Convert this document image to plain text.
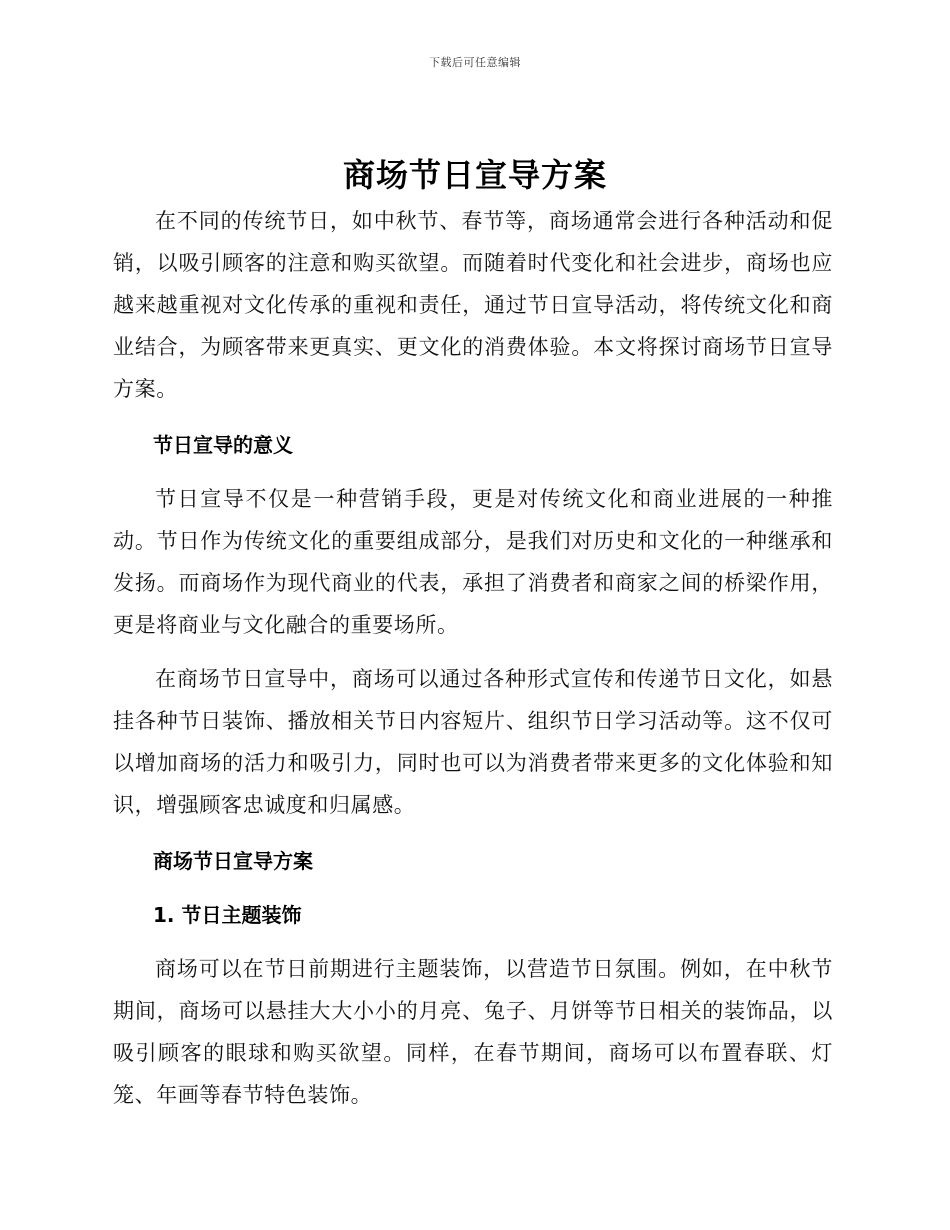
下载后可任意编辑
商场节日宣导方案

在不同的传统节日，如中秋节、春节等，商场通常会进行各种活动和促销，以吸引顾客的注意和购买欲望。而随着时代变化和社会进步，商场也应越来越重视对文化传承的重视和责任，通过节日宣导活动，将传统文化和商业结合，为顾客带来更真实、更文化的消费体验。本文将探讨商场节日宣导方案。

节日宣导的意义

节日宣导不仅是一种营销手段，更是对传统文化和商业进展的一种推动。节日作为传统文化的重要组成部分，是我们对历史和文化的一种继承和发扬。而商场作为现代商业的代表，承担了消费者和商家之间的桥梁作用，更是将商业与文化融合的重要场所。

在商场节日宣导中，商场可以通过各种形式宣传和传递节日文化，如悬挂各种节日装饰、播放相关节日内容短片、组织节日学习活动等。这不仅可以增加商场的活力和吸引力，同时也可以为消费者带来更多的文化体验和知识，增强顾客忠诚度和归属感。

商场节日宣导方案

1. 节日主题装饰

商场可以在节日前期进行主题装饰，以营造节日氛围。例如，在中秋节期间，商场可以悬挂大大小小的月亮、兔子、月饼等节日相关的装饰品，以吸引顾客的眼球和购买欲望。同样，在春节期间，商场可以布置春联、灯笼、年画等春节特色装饰。
